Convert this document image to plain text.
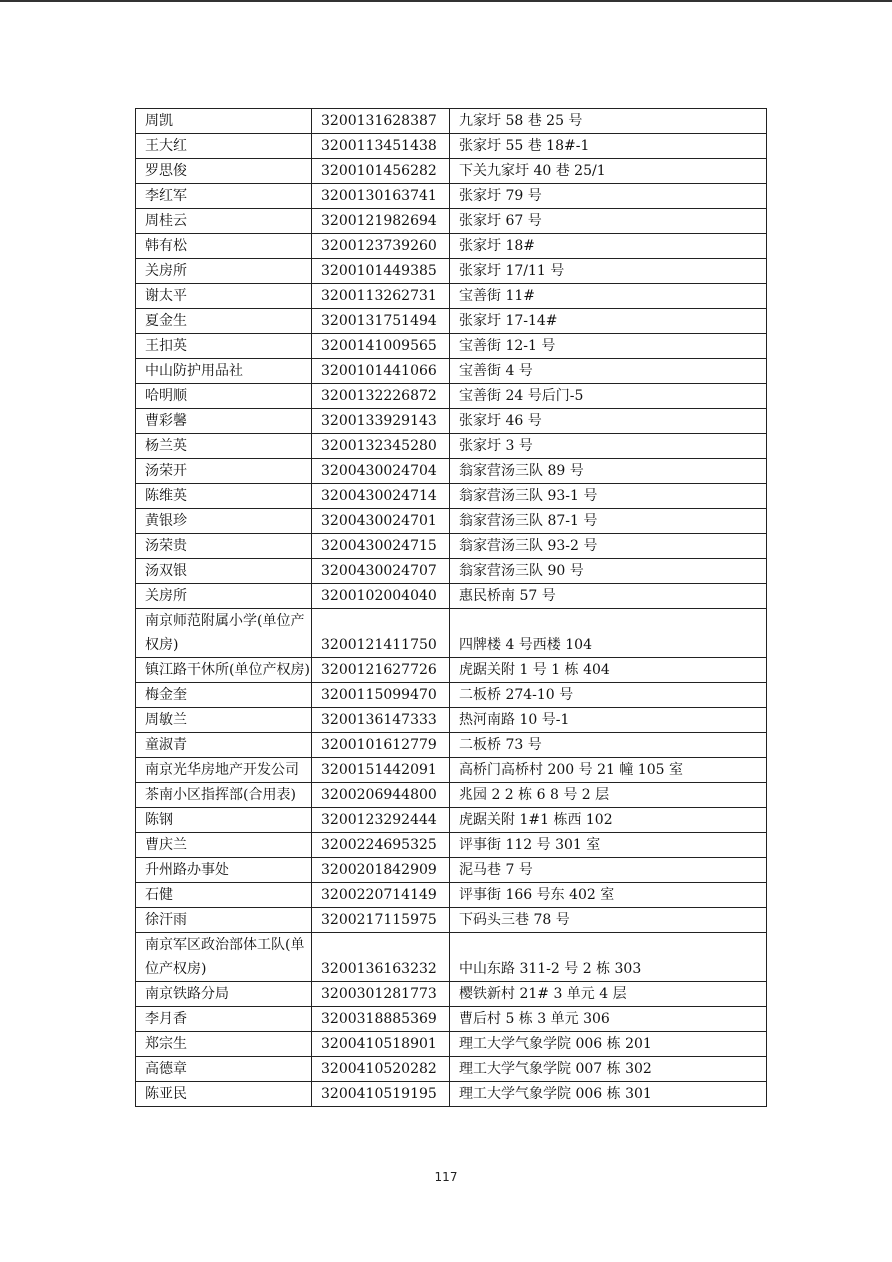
周凯	3200131628387	九家圩 58 巷 25 号
王大红	3200113451438	张家圩 55 巷 18#-1
罗思俊	3200101456282	下关九家圩 40 巷 25/1
李红军	3200130163741	张家圩 79 号
周桂云	3200121982694	张家圩 67 号
韩有松	3200123739260	张家圩 18#
关房所	3200101449385	张家圩 17/11 号
谢太平	3200113262731	宝善街 11#
夏金生	3200131751494	张家圩 17-14#
王扣英	3200141009565	宝善街 12-1 号
中山防护用品社	3200101441066	宝善街 4 号
哈明顺	3200132226872	宝善街 24 号后门-5
曹彩馨	3200133929143	张家圩 46 号
杨兰英	3200132345280	张家圩 3 号
汤荣开	3200430024704	翁家营汤三队 89 号
陈维英	3200430024714	翁家营汤三队 93-1 号
黄银珍	3200430024701	翁家营汤三队 87-1 号
汤荣贵	3200430024715	翁家营汤三队 93-2 号
汤双银	3200430024707	翁家营汤三队 90 号
关房所	3200102004040	惠民桥南 57 号
南京师范附属小学(单位产权房)	3200121411750	四牌楼 4 号西楼 104
镇江路干休所(单位产权房)	3200121627726	虎踞关附 1 号 1 栋 404
梅金奎	3200115099470	二板桥 274-10 号
周敏兰	3200136147333	热河南路 10 号-1
童淑青	3200101612779	二板桥 73 号
南京光华房地产开发公司	3200151442091	高桥门高桥村 200 号 21 幢 105 室
茶南小区指挥部(合用表)	3200206944800	兆园 2 2 栋 6 8 号 2 层
陈钢	3200123292444	虎踞关附 1#1 栋西 102
曹庆兰	3200224695325	评事街 112 号 301 室
升州路办事处	3200201842909	泥马巷 7 号
石健	3200220714149	评事街 166 号东 402 室
徐汗雨	3200217115975	下码头三巷 78 号
南京军区政治部体工队(单位产权房)	3200136163232	中山东路 311-2 号 2 栋 303
南京铁路分局	3200301281773	樱铁新村 21# 3 单元 4 层
李月香	3200318885369	曹后村 5 栋 3 单元 306
郑宗生	3200410518901	理工大学气象学院 006 栋 201
高德章	3200410520282	理工大学气象学院 007 栋 302
陈亚民	3200410519195	理工大学气象学院 006 栋 301
117
